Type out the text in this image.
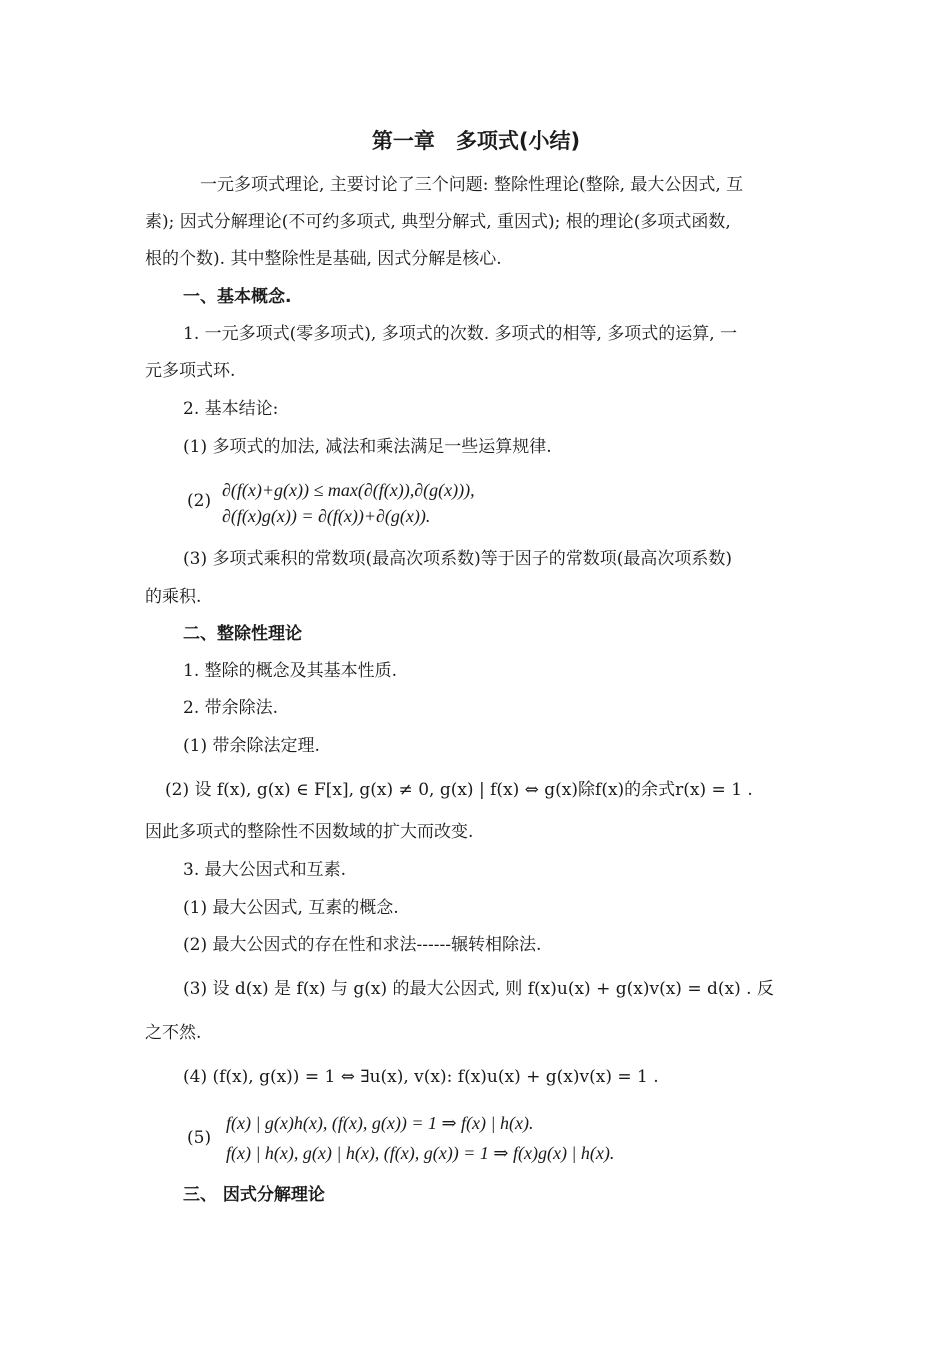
第一章　多项式(小结)
一元多项式理论, 主要讨论了三个问题: 整除性理论(整除, 最大公因式, 互
素); 因式分解理论(不可约多项式, 典型分解式, 重因式); 根的理论(多项式函数,
根的个数). 其中整除性是基础, 因式分解是核心.
一、基本概念.
1. 一元多项式(零多项式), 多项式的次数. 多项式的相等, 多项式的运算, 一
元多项式环.
2. 基本结论:
(1) 多项式的加法, 减法和乘法满足一些运算规律.
(2)
∂(f(x)+g(x)) ≤ max(∂(f(x)),∂(g(x))),
∂(f(x)g(x)) = ∂(f(x))+∂(g(x)).
(3) 多项式乘积的常数项(最高次项系数)等于因子的常数项(最高次项系数)
的乘积.
二、整除性理论
1. 整除的概念及其基本性质.
2. 带余除法.
(1) 带余除法定理.
(2) 设 f(x), g(x) ∈ F[x], g(x) ≠ 0, g(x) | f(x) ⇔ g(x)除f(x)的余式r(x) = 1 .
因此多项式的整除性不因数域的扩大而改变.
3. 最大公因式和互素.
(1) 最大公因式, 互素的概念.
(2) 最大公因式的存在性和求法------辗转相除法.
(3) 设 d(x) 是 f(x) 与 g(x) 的最大公因式, 则 f(x)u(x) + g(x)v(x) = d(x) . 反
之不然.
(4) (f(x), g(x)) = 1 ⇔ ∃u(x), v(x): f(x)u(x) + g(x)v(x) = 1 .
(5)
f(x) | g(x)h(x), (f(x), g(x)) = 1 ⇒ f(x) | h(x).
f(x) | h(x), g(x) | h(x), (f(x), g(x)) = 1 ⇒ f(x)g(x) | h(x).
三、 因式分解理论
